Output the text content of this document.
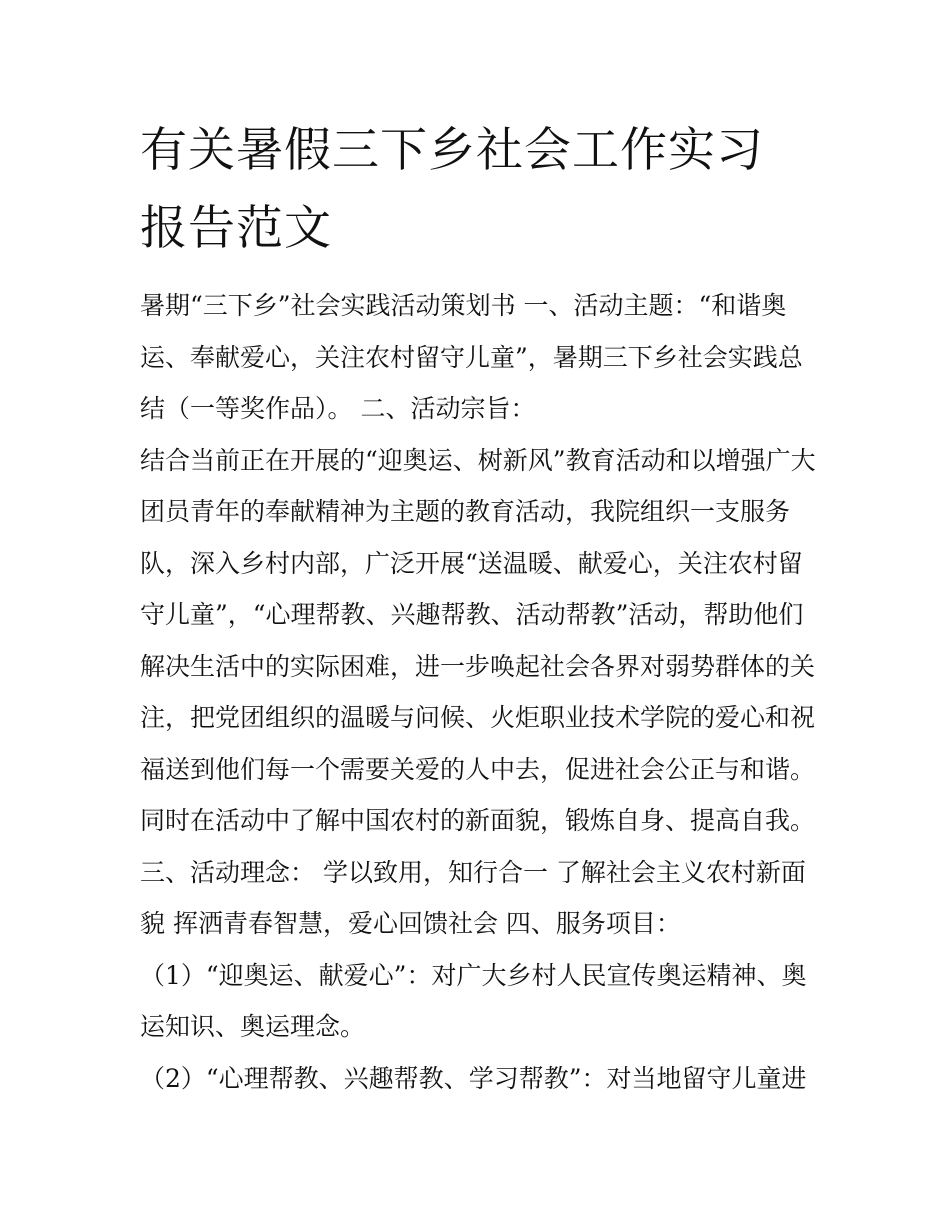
有关暑假三下乡社会工作实习
报告范文
暑期“三下乡”社会实践活动策划书 一、活动主题：“和谐奥
运、奉献爱心，关注农村留守儿童”，暑期三下乡社会实践总
结（一等奖作品）。 二、活动宗旨：
结合当前正在开展的“迎奥运、树新风”教育活动和以增强广大
团员青年的奉献精神为主题的教育活动，我院组织一支服务
队，深入乡村内部，广泛开展“送温暖、献爱心，关注农村留
守儿童”，“心理帮教、兴趣帮教、活动帮教”活动，帮助他们
解决生活中的实际困难，进一步唤起社会各界对弱势群体的关
注，把党团组织的温暖与问候、火炬职业技术学院的爱心和祝
福送到他们每一个需要关爱的人中去，促进社会公正与和谐。
同时在活动中了解中国农村的新面貌，锻炼自身、提高自我。
三、活动理念： 学以致用，知行合一 了解社会主义农村新面
貌 挥洒青春智慧，爱心回馈社会 四、服务项目：
（1）“迎奥运、献爱心”：对广大乡村人民宣传奥运精神、奥
运知识、奥运理念。
（2）“心理帮教、兴趣帮教、学习帮教”：对当地留守儿童进
